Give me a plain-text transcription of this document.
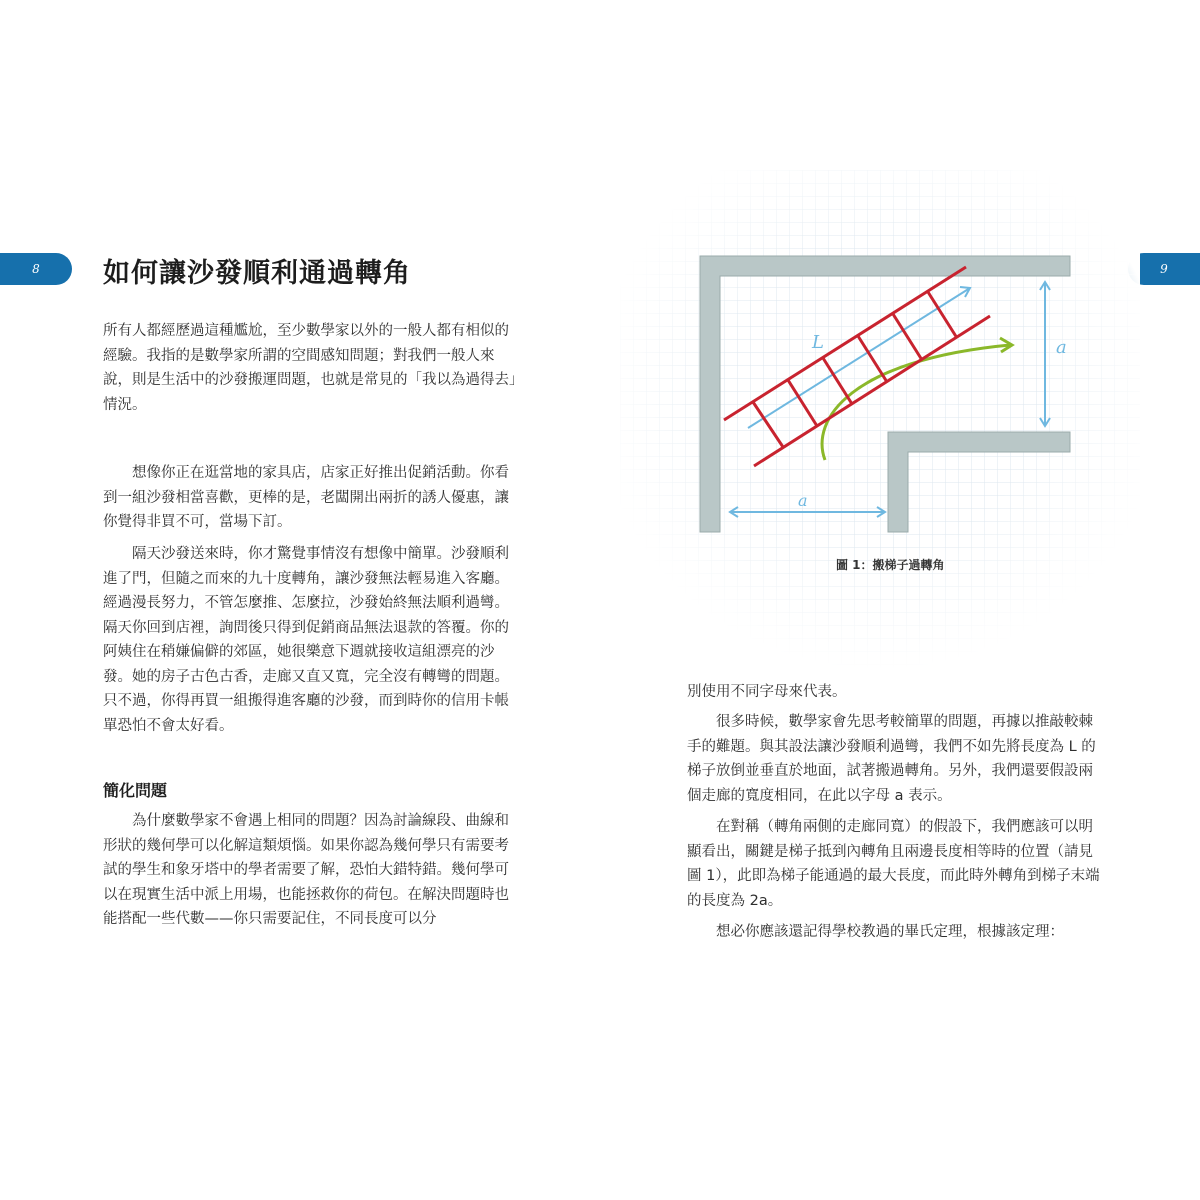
8	9
如何讓沙發順利通過轉角

所有人都經歷過這種尷尬，至少數學家以外的一般人都有相似的經驗。我指的是數學家所謂的空間感知問題；對我們一般人來說，則是生活中的沙發搬運問題，也就是常見的「我以為過得去」情況。

想像你正在逛當地的家具店，店家正好推出促銷活動。你看到一組沙發相當喜歡，更棒的是，老闆開出兩折的誘人優惠，讓你覺得非買不可，當場下訂。

隔天沙發送來時，你才驚覺事情沒有想像中簡單。沙發順利進了門，但隨之而來的九十度轉角，讓沙發無法輕易進入客廳。經過漫長努力，不管怎麼推、怎麼拉，沙發始終無法順利過彎。隔天你回到店裡，詢問後只得到促銷商品無法退款的答覆。你的阿姨住在稍嫌偏僻的郊區，她很樂意下週就接收這組漂亮的沙發。她的房子古色古香，走廊又直又寬，完全沒有轉彎的問題。只不過，你得再買一組搬得進客廳的沙發，而到時你的信用卡帳單恐怕不會太好看。

簡化問題

為什麼數學家不會遇上相同的問題？因為討論線段、曲線和形狀的幾何學可以化解這類煩惱。如果你認為幾何學只有需要考試的學生和象牙塔中的學者需要了解，恐怕大錯特錯。幾何學可以在現實生活中派上用場，也能拯救你的荷包。在解決問題時也能搭配一些代數——你只需要記住，不同長度可以分

a
a
L

圖 1：搬梯子過轉角

別使用不同字母來代表。

很多時候，數學家會先思考較簡單的問題，再據以推敲較棘手的難題。與其設法讓沙發順利過彎，我們不如先將長度為 L 的梯子放倒並垂直於地面，試著搬過轉角。另外，我們還要假設兩個走廊的寬度相同，在此以字母 a 表示。

在對稱（轉角兩側的走廊同寬）的假設下，我們應該可以明顯看出，關鍵是梯子抵到內轉角且兩邊長度相等時的位置（請見圖 1），此即為梯子能通過的最大長度，而此時外轉角到梯子末端的長度為 2a。

想必你應該還記得學校教過的畢氏定理，根據該定理：
